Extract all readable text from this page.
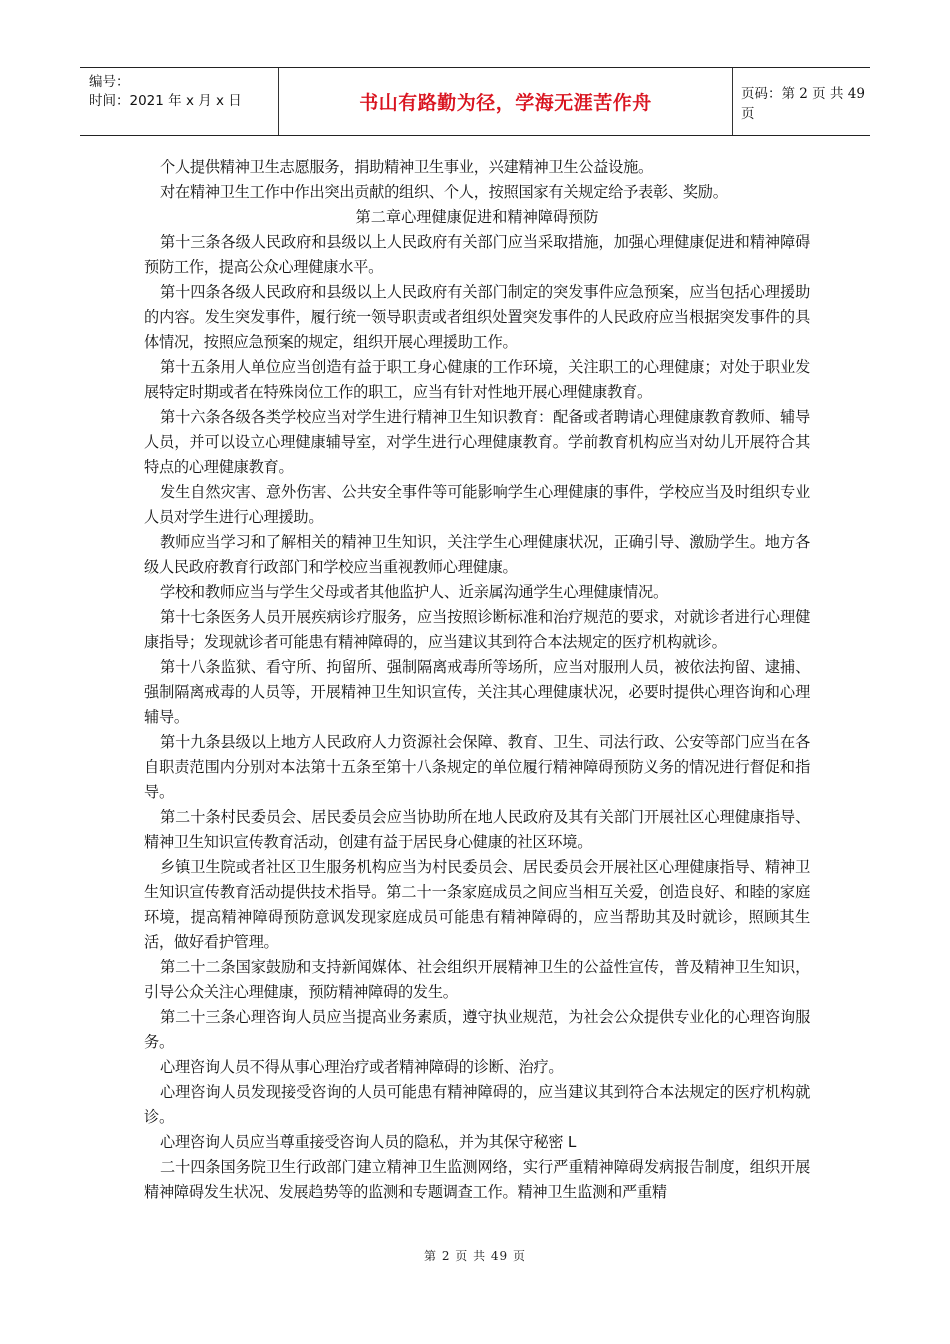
编号：
时间：2021 年 x 月 x 日	书山有路勤为径，学海无涯苦作舟	页码：第 2 页 共 49 页

个人提供精神卫生志愿服务，捐助精神卫生事业，兴建精神卫生公益设施。

对在精神卫生工作中作出突出贡献的组织、个人，按照国家有关规定给予表彰、奖励。

第二章心理健康促进和精神障碍预防

第十三条各级人民政府和县级以上人民政府有关部门应当采取措施，加强心理健康促进和精神障碍预防工作，提高公众心理健康水平。

第十四条各级人民政府和县级以上人民政府有关部门制定的突发事件应急预案，应当包括心理援助的内容。发生突发事件，履行统一领导职责或者组织处置突发事件的人民政府应当根据突发事件的具体情况，按照应急预案的规定，组织开展心理援助工作。

第十五条用人单位应当创造有益于职工身心健康的工作环境，关注职工的心理健康；对处于职业发展特定时期或者在特殊岗位工作的职工，应当有针对性地开展心理健康教育。

第十六条各级各类学校应当对学生进行精神卫生知识教育：配备或者聘请心理健康教育教师、辅导人员，并可以设立心理健康辅导室，对学生进行心理健康教育。学前教育机构应当对幼儿开展符合其特点的心理健康教育。

发生自然灾害、意外伤害、公共安全事件等可能影响学生心理健康的事件，学校应当及时组织专业人员对学生进行心理援助。

教师应当学习和了解相关的精神卫生知识，关注学生心理健康状况，正确引导、激励学生。地方各级人民政府教育行政部门和学校应当重视教师心理健康。

学校和教师应当与学生父母或者其他监护人、近亲属沟通学生心理健康情况。

第十七条医务人员开展疾病诊疗服务，应当按照诊断标准和治疗规范的要求，对就诊者进行心理健康指导；发现就诊者可能患有精神障碍的，应当建议其到符合本法规定的医疗机构就诊。

第十八条监狱、看守所、拘留所、强制隔离戒毒所等场所，应当对服刑人员，被依法拘留、逮捕、强制隔离戒毒的人员等，开展精神卫生知识宣传，关注其心理健康状况，必要时提供心理咨询和心理辅导。

第十九条县级以上地方人民政府人力资源社会保障、教育、卫生、司法行政、公安等部门应当在各自职责范围内分别对本法第十五条至第十八条规定的单位履行精神障碍预防义务的情况进行督促和指导。

第二十条村民委员会、居民委员会应当协助所在地人民政府及其有关部门开展社区心理健康指导、精神卫生知识宣传教育活动，创建有益于居民身心健康的社区环境。

乡镇卫生院或者社区卫生服务机构应当为村民委员会、居民委员会开展社区心理健康指导、精神卫生知识宣传教育活动提供技术指导。第二十一条家庭成员之间应当相互关爱，创造良好、和睦的家庭环境，提高精神障碍预防意讽发现家庭成员可能患有精神障碍的，应当帮助其及时就诊，照顾其生活，做好看护管理。

第二十二条国家鼓励和支持新闻媒体、社会组织开展精神卫生的公益性宣传，普及精神卫生知识，引导公众关注心理健康，预防精神障碍的发生。

第二十三条心理咨询人员应当提高业务素质，遵守执业规范，为社会公众提供专业化的心理咨询服务。

心理咨询人员不得从事心理治疗或者精神障碍的诊断、治疗。

心理咨询人员发现接受咨询的人员可能患有精神障碍的，应当建议其到符合本法规定的医疗机构就诊。

心理咨询人员应当尊重接受咨询人员的隐私，并为其保守秘密 L

二十四条国务院卫生行政部门建立精神卫生监测网络，实行严重精神障碍发病报告制度，组织开展精神障碍发生状况、发展趋势等的监测和专题调查工作。精神卫生监测和严重精

第 2 页 共 49 页
